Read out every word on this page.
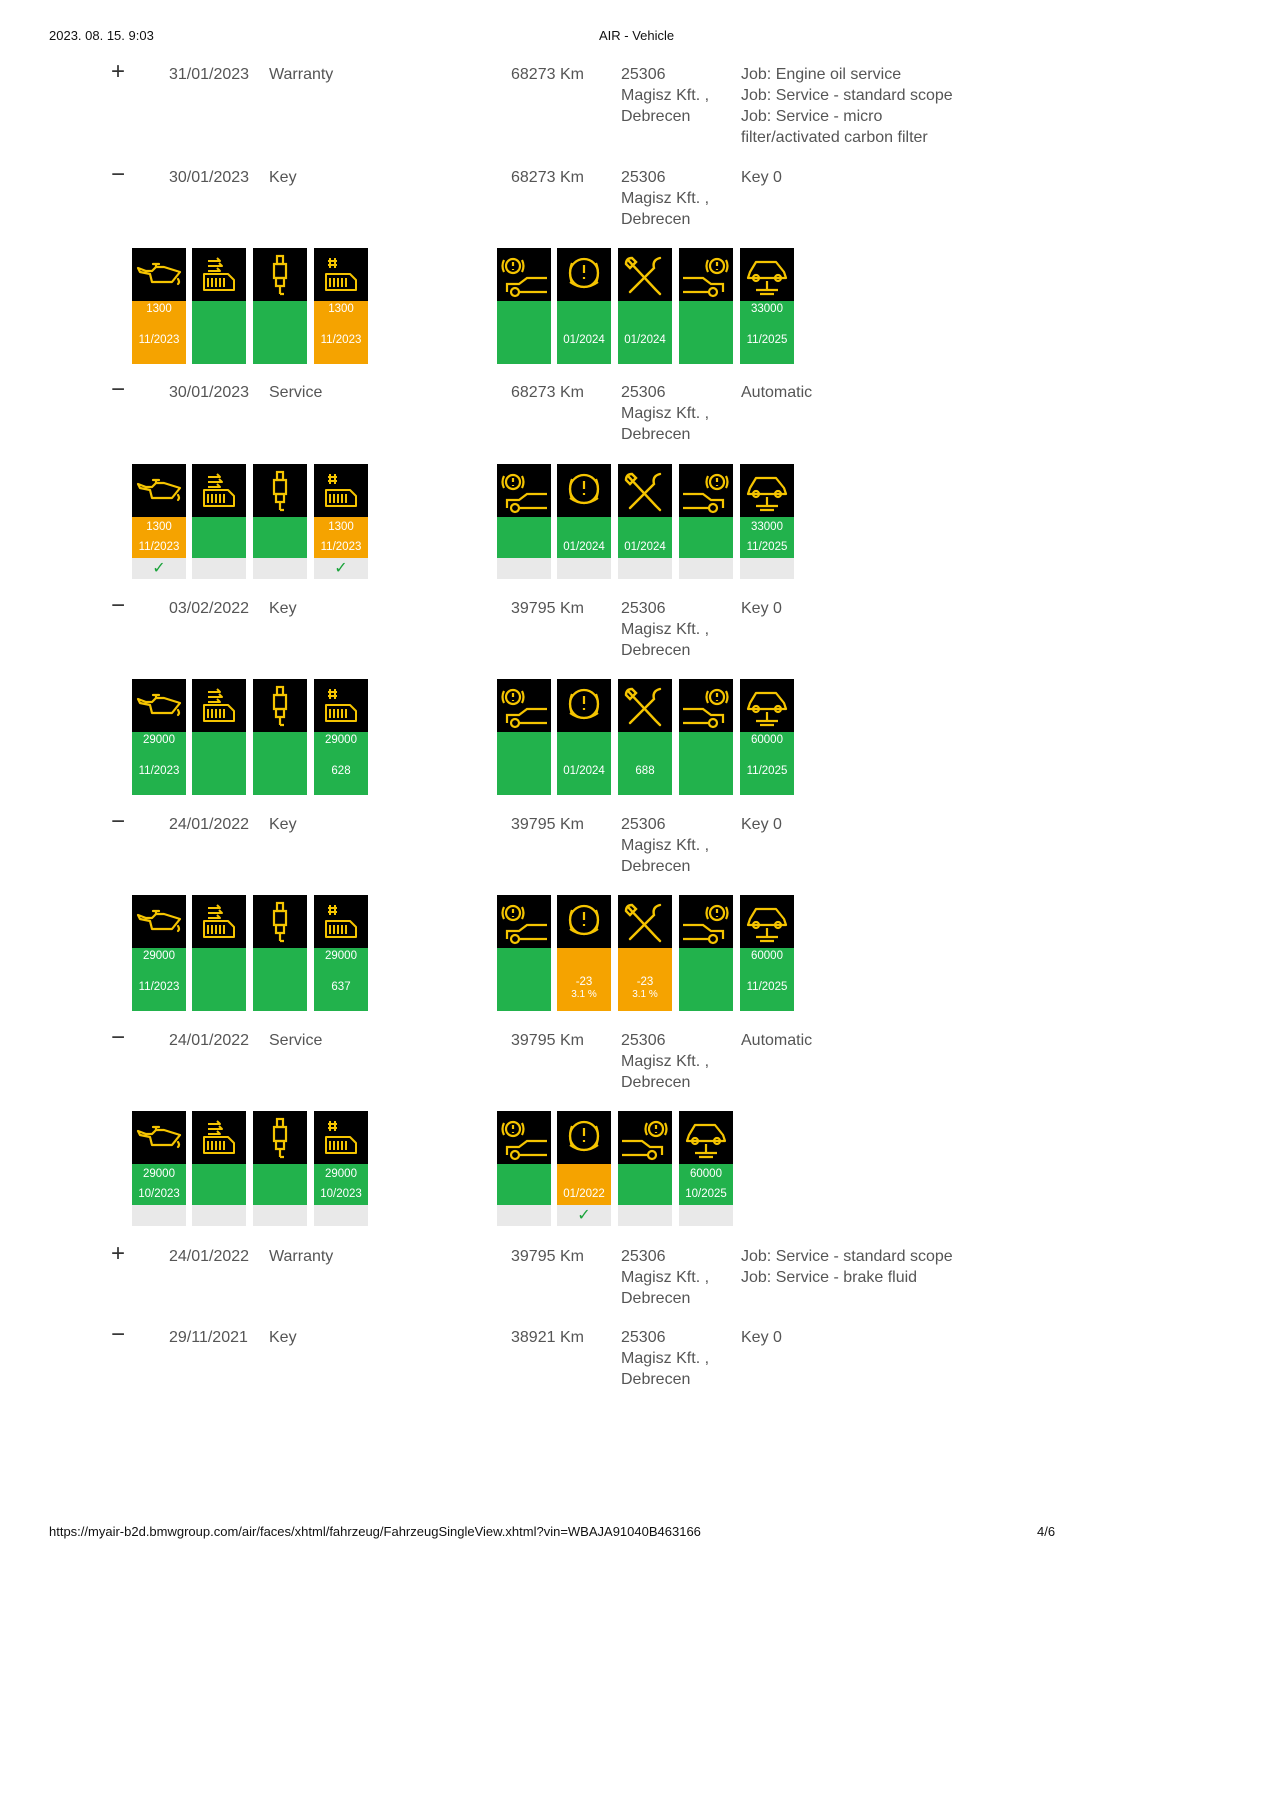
2023. 08. 15. 9:03	AIR - Vehicle
+	31/01/2023 Warranty	68273 Km 25306
Magisz Kft. ,
Debrecen
Job: Engine oil service
Job: Service - standard scope
Job: Service - micro
filter/activated carbon filter
−	30/01/2023 Key	68273 Km 25306
Magisz Kft. ,
Debrecen
Key 0
−	30/01/2023 Service	68273 Km 25306
Magisz Kft. ,
Debrecen
Automatic
−	03/02/2022 Key	39795 Km 25306
Magisz Kft. ,
Debrecen
Key 0
−	24/01/2022 Key	39795 Km 25306
Magisz Kft. ,
Debrecen
Key 0
−	24/01/2022 Service	39795 Km 25306
Magisz Kft. ,
Debrecen
Automatic
+	24/01/2022 Warranty	39795 Km 25306
Magisz Kft. ,
Debrecen
Job: Service - standard scope
Job: Service - brake fluid
−	29/11/2021 Key	38921 Km 25306
Magisz Kft. ,
Debrecen
Key 0
1300
11/2023
1300
11/2023	01/2024	01/2024
33000
11/2025
1300
11/2023
✓
1300
11/2023
✓
01/2024	01/2024
33000
11/2025
29000
11/2023
29000
628	01/2024	688
60000
11/2025
29000
11/2023
29000
637	-23
3.1 %
-23
3.1 %
60000
11/2025
29000
10/2023
29000
10/2023	01/2022
✓
60000
10/2025
https://myair-b2d.bmwgroup.com/air/faces/xhtml/fahrzeug/FahrzeugSingleView.xhtml?vin=WBAJA91040B463166	4/6
